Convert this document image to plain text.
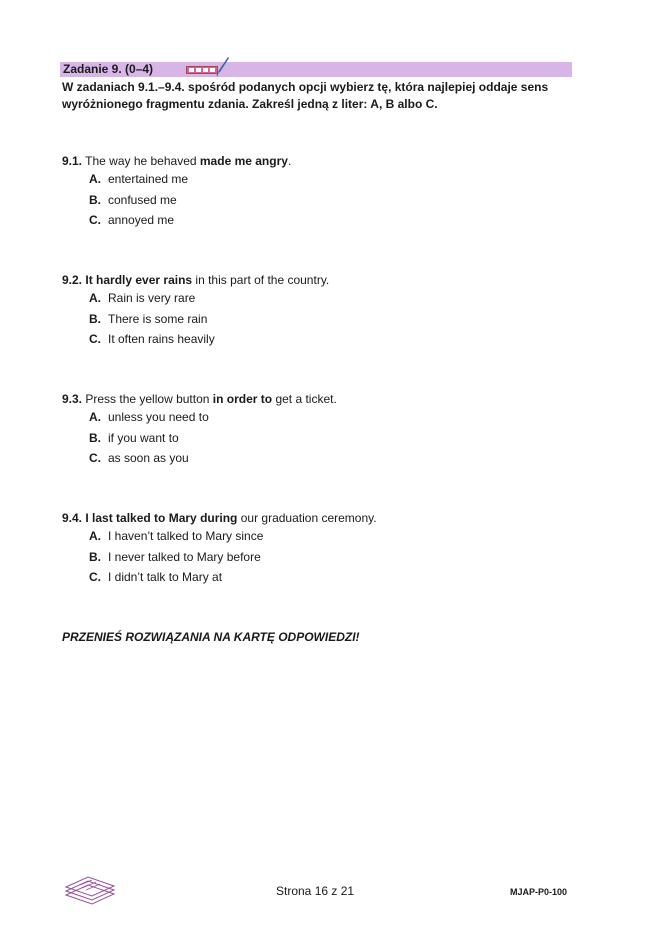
Zadanie 9. (0–4)
W zadaniach 9.1.–9.4. spośród podanych opcji wybierz tę, która najlepiej oddaje sens wyróżnionego fragmentu zdania. Zakreśl jedną z liter: A, B albo C.
9.1. The way he behaved made me angry.
A. entertained me
B. confused me
C. annoyed me
9.2. It hardly ever rains in this part of the country.
A. Rain is very rare
B. There is some rain
C. It often rains heavily
9.3. Press the yellow button in order to get a ticket.
A. unless you need to
B. if you want to
C. as soon as you
9.4. I last talked to Mary during our graduation ceremony.
A. I haven’t talked to Mary since
B. I never talked to Mary before
C. I didn’t talk to Mary at
PRZENIEŚ ROZWIĄZANIA NA KARTĘ ODPOWIEDZI!
Strona 16 z 21	MJAP-P0-100
